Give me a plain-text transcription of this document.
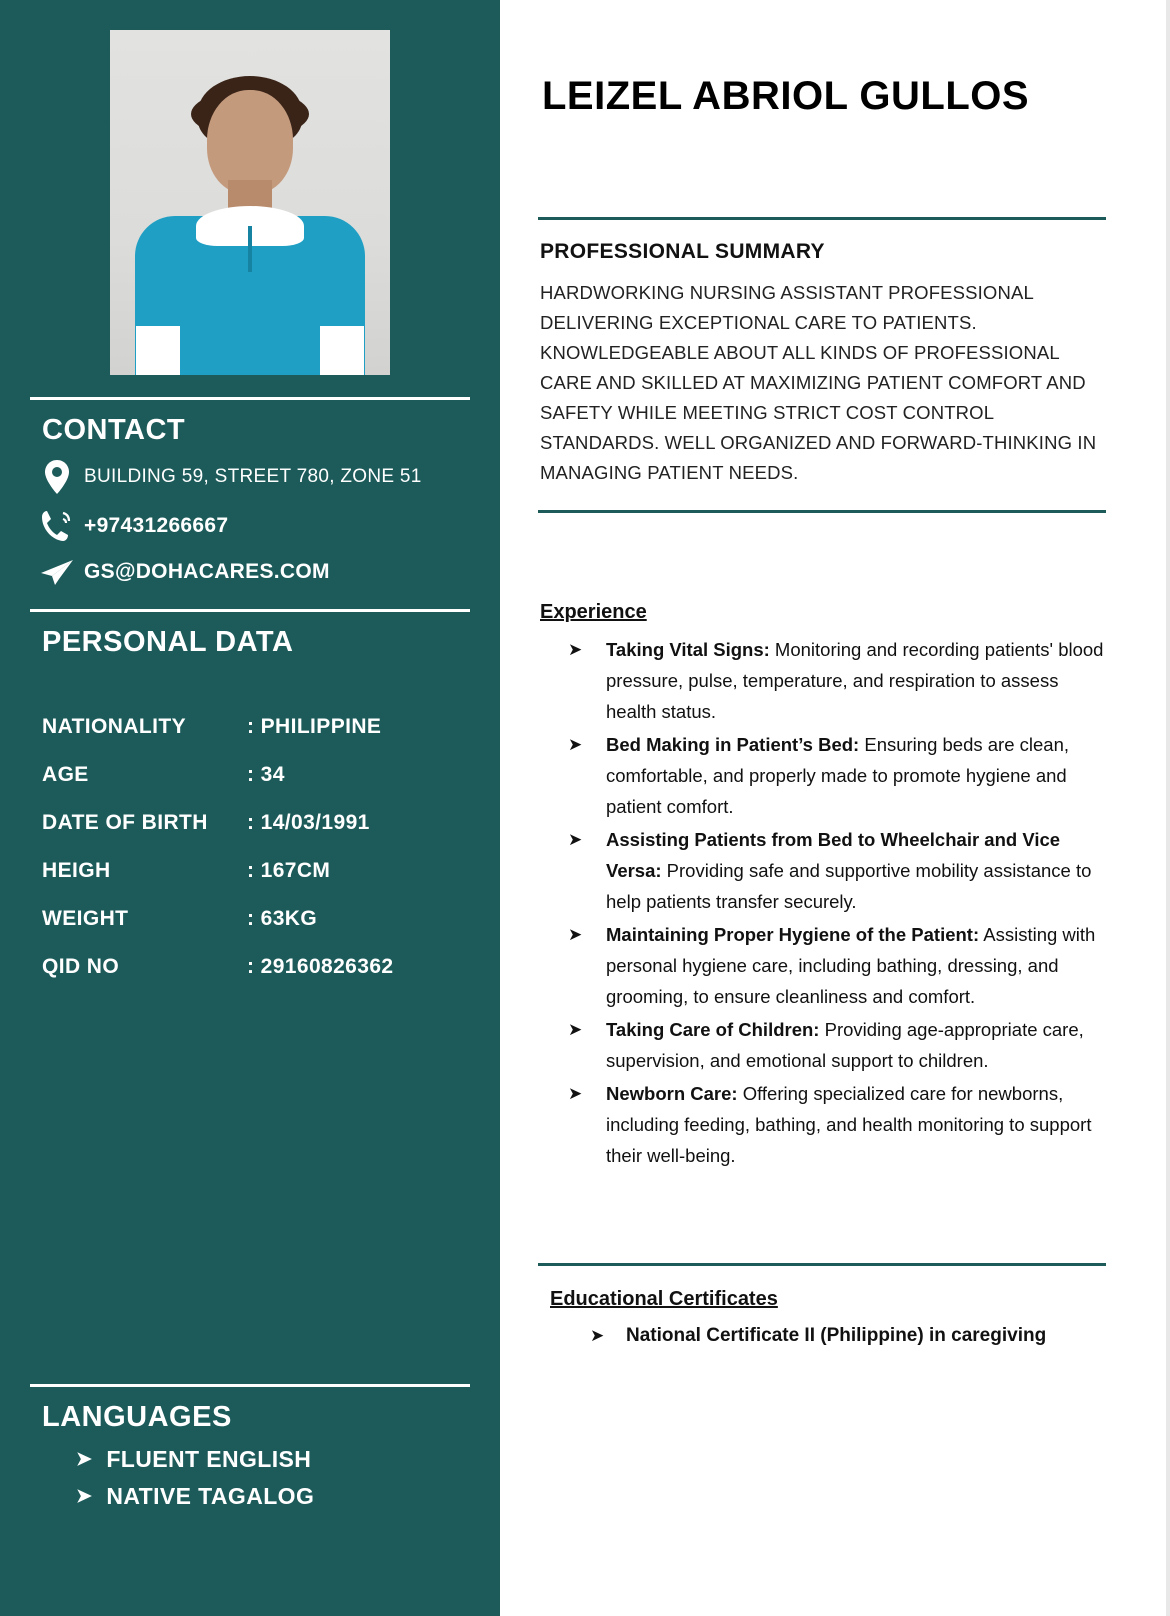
CONTACT
BUILDING 59, STREET 780, ZONE 51
+97431266667
GS@DOHACARES.COM
PERSONAL DATA
NATIONALITY	: PHILIPPINE
AGE	: 34
DATE OF BIRTH	: 14/03/1991
HEIGH	: 167CM
WEIGHT	: 63KG
QID NO	: 29160826362
LANGUAGES
➤ FLUENT ENGLISH
➤ NATIVE TAGALOG
LEIZEL ABRIOL GULLOS
PROFESSIONAL SUMMARY
HARDWORKING NURSING ASSISTANT PROFESSIONAL DELIVERING EXCEPTIONAL CARE TO PATIENTS. KNOWLEDGEABLE ABOUT ALL KINDS OF PROFESSIONAL CARE AND SKILLED AT MAXIMIZING PATIENT COMFORT AND SAFETY WHILE MEETING STRICT COST CONTROL STANDARDS. WELL ORGANIZED AND FORWARD-THINKING IN MANAGING PATIENT NEEDS.
Experience
➤ Taking Vital Signs: Monitoring and recording patients' blood pressure, pulse, temperature, and respiration to assess health status.
➤ Bed Making in Patient’s Bed: Ensuring beds are clean, comfortable, and properly made to promote hygiene and patient comfort.
➤ Assisting Patients from Bed to Wheelchair and Vice Versa: Providing safe and supportive mobility assistance to help patients transfer securely.
➤ Maintaining Proper Hygiene of the Patient: Assisting with personal hygiene care, including bathing, dressing, and grooming, to ensure cleanliness and comfort.
➤ Taking Care of Children: Providing age-appropriate care, supervision, and emotional support to children.
➤ Newborn Care: Offering specialized care for newborns, including feeding, bathing, and health monitoring to support their well-being.
Educational Certificates
➤ National Certificate II (Philippine) in caregiving
